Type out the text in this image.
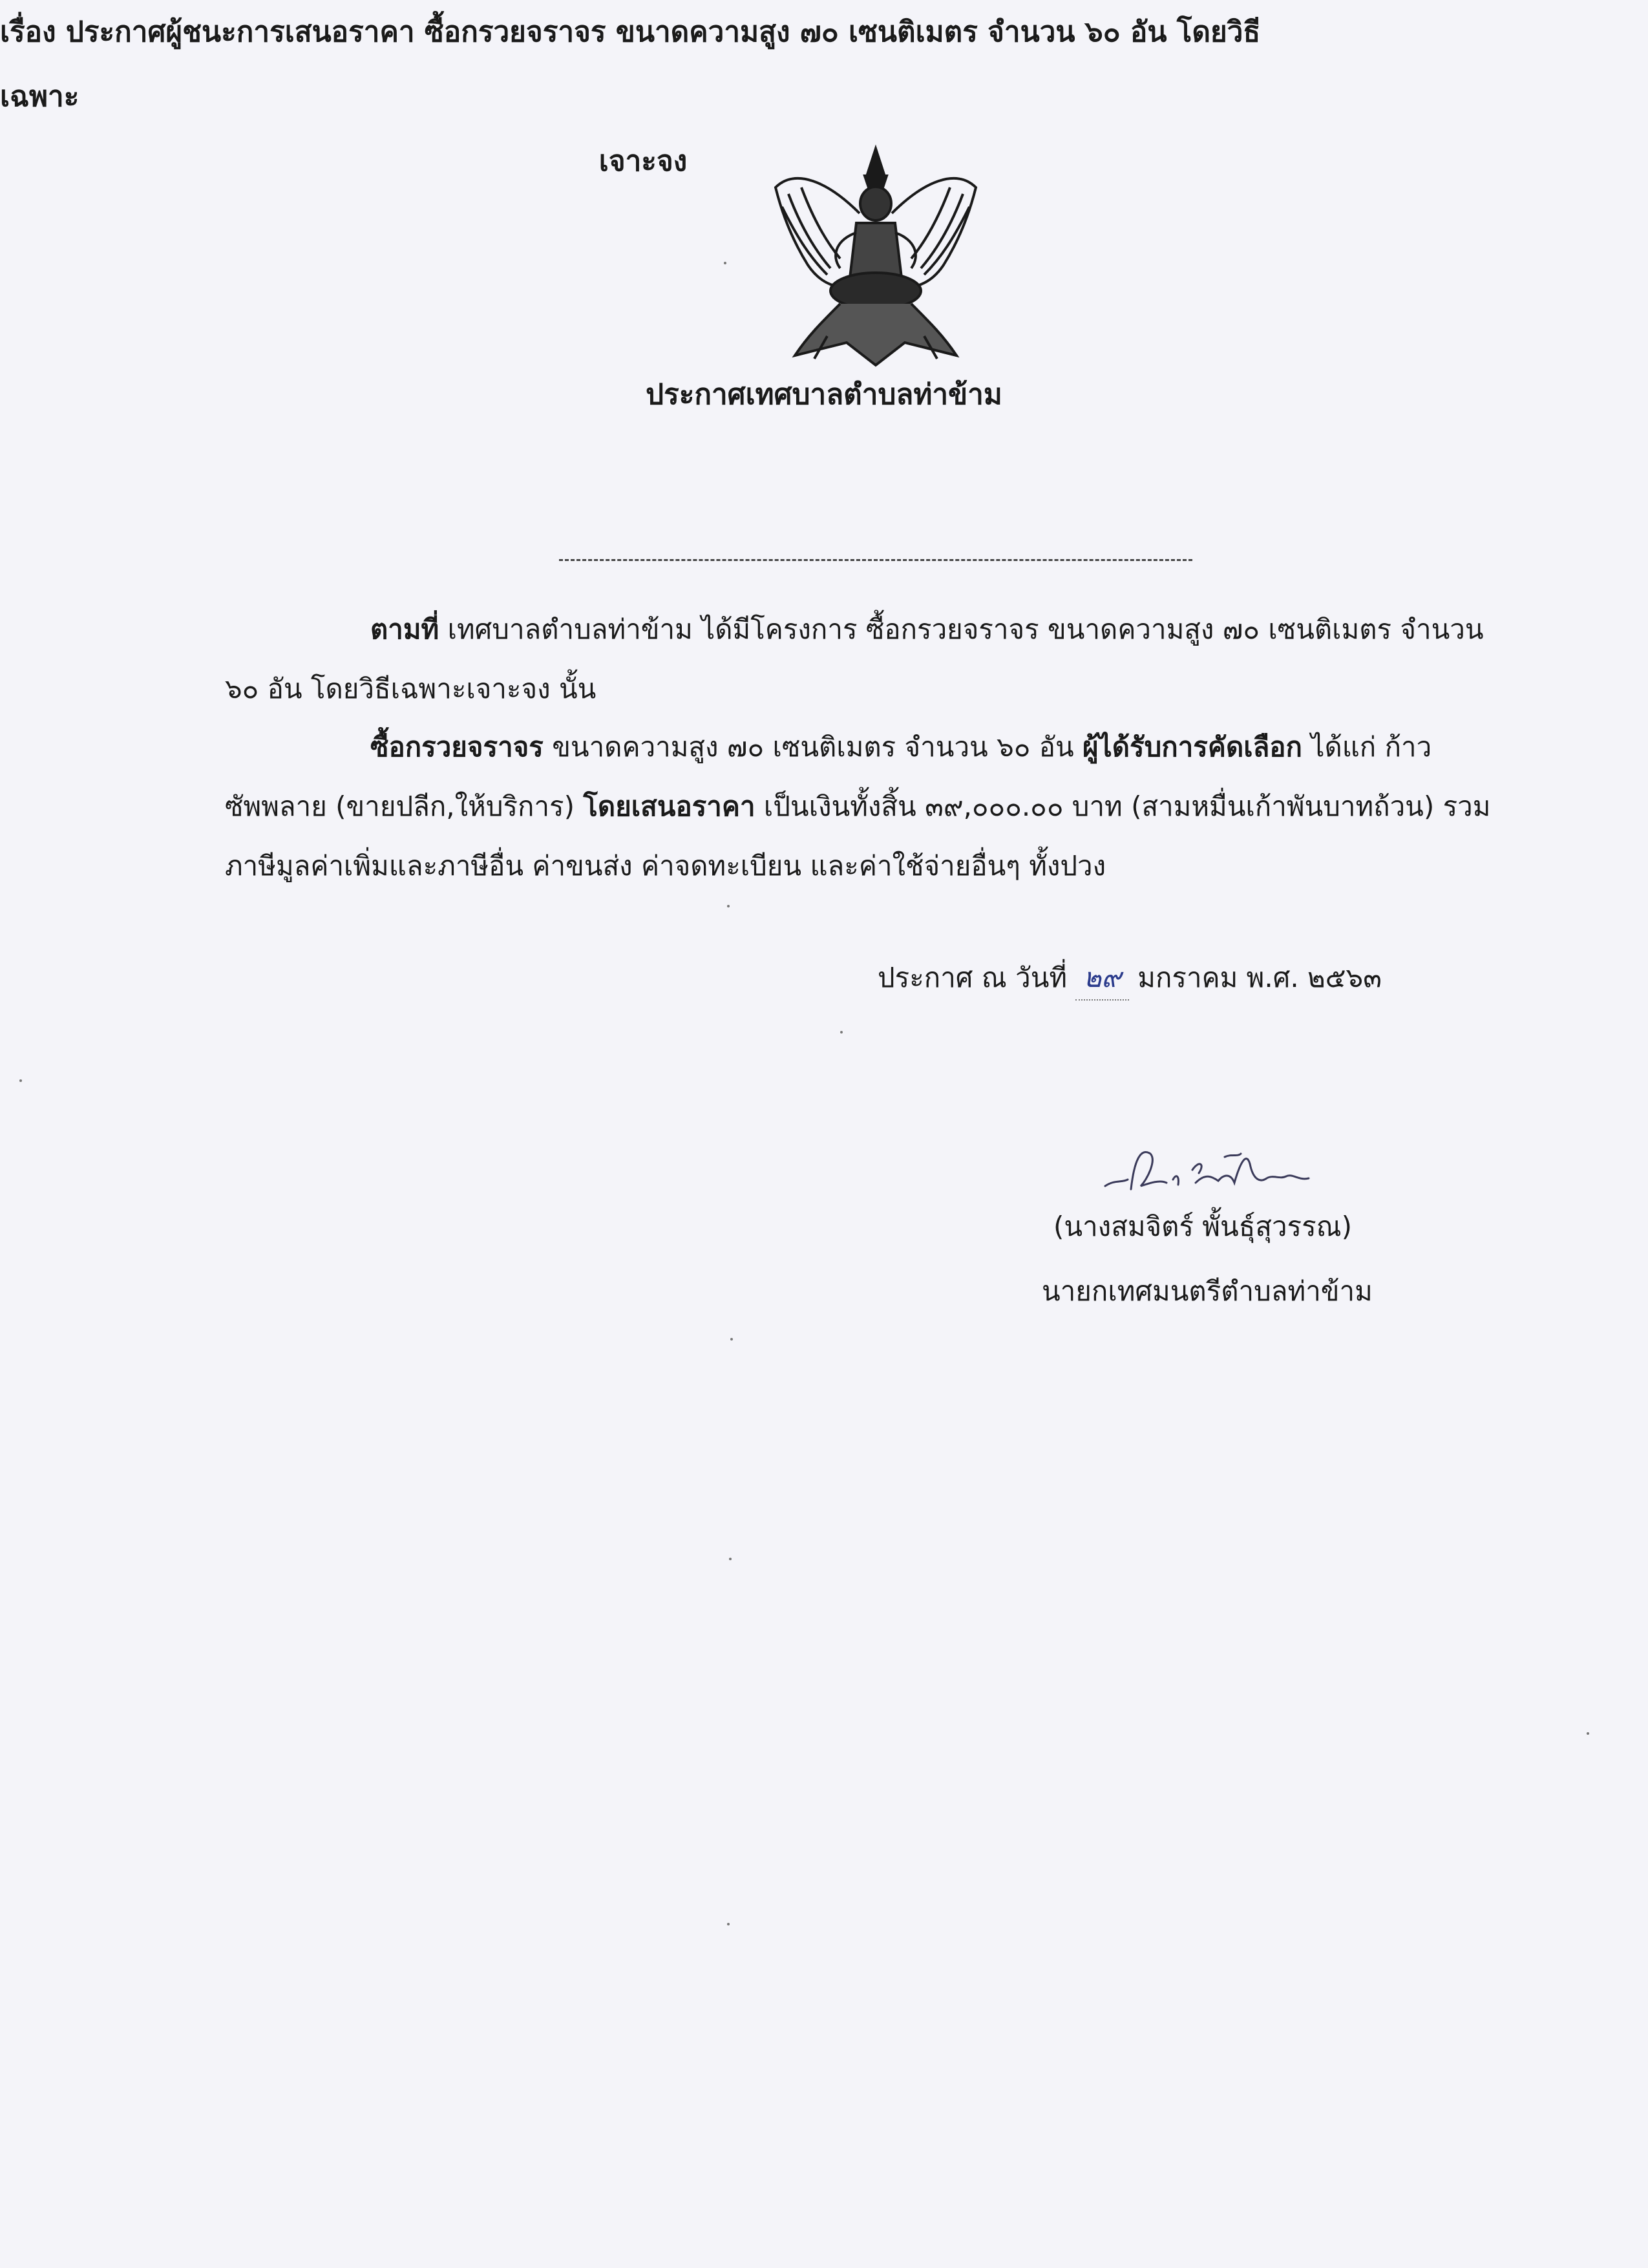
ประกาศเทศบาลตำบลท่าข้าม
เรื่อง ประกาศผู้ชนะการเสนอราคา ซื้อกรวยจราจร ขนาดความสูง ๗๐ เซนติเมตร จำนวน ๖๐ อัน โดยวิธีเฉพาะ
เจาะจง
ตามที่ เทศบาลตำบลท่าข้าม ได้มีโครงการ ซื้อกรวยจราจร ขนาดความสูง ๗๐ เซนติเมตร จำนวน ๖๐ อัน โดยวิธีเฉพาะเจาะจง นั้น
ซื้อกรวยจราจร ขนาดความสูง ๗๐ เซนติเมตร จำนวน ๖๐ อัน ผู้ได้รับการคัดเลือก ได้แก่ ก้าว ซัพพลาย (ขายปลีก,ให้บริการ) โดยเสนอราคา เป็นเงินทั้งสิ้น ๓๙,๐๐๐.๐๐ บาท (สามหมื่นเก้าพันบาทถ้วน) รวมภาษีมูลค่าเพิ่มและภาษีอื่น ค่าขนส่ง ค่าจดทะเบียน และค่าใช้จ่ายอื่นๆ ทั้งปวง
ประกาศ ณ วันที่ ๒๙ มกราคม พ.ศ. ๒๕๖๓
(นางสมจิตร์ พั้นธุ์สุวรรณ)
นายกเทศมนตรีตำบลท่าข้าม
